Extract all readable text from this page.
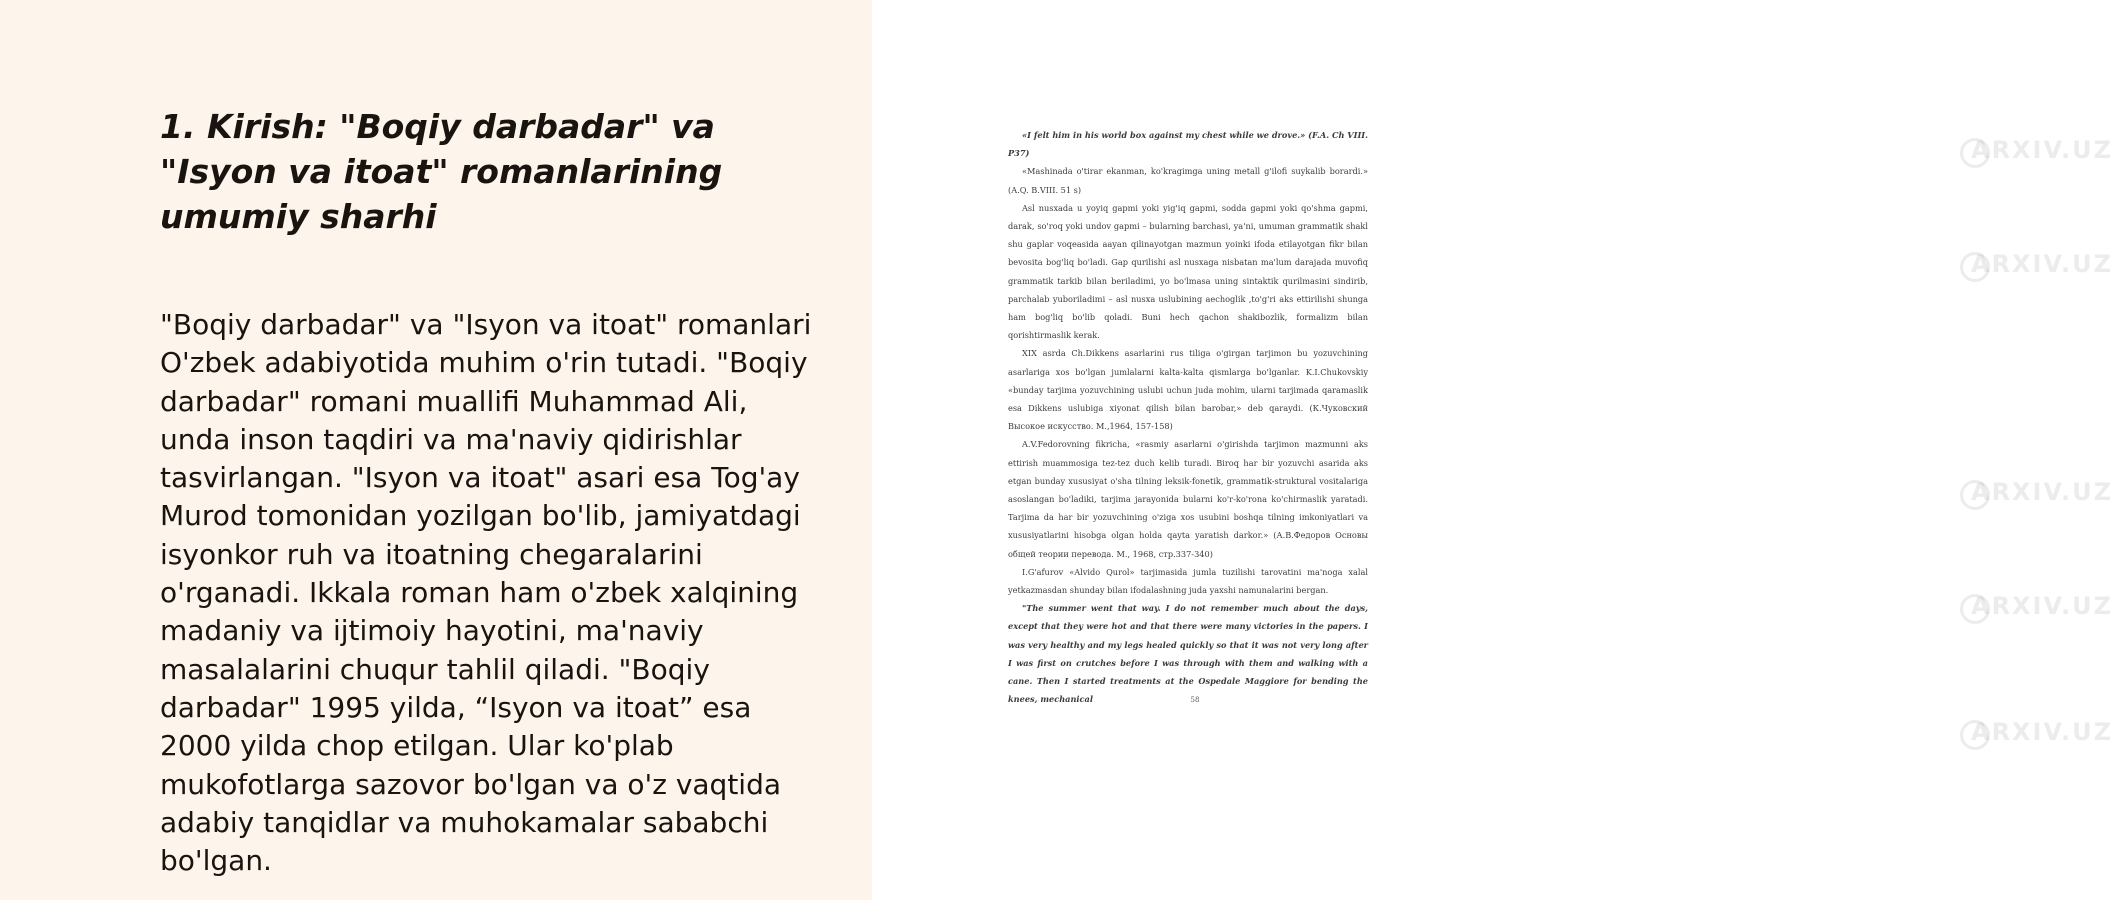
1. Kirish: "Boqiy darbadar" va "Isyon va itoat" romanlarining umumiy sharhi

"Boqiy darbadar" va "Isyon va itoat" romanlari O'zbek adabiyotida muhim o'rin tutadi. "Boqiy darbadar" romani muallifi Muhammad Ali, unda inson taqdiri va ma'naviy qidirishlar tasvirlangan. "Isyon va itoat" asari esa Tog'ay Murod tomonidan yozilgan bo'lib, jamiyatdagi isyonkor ruh va itoatning chegaralarini o'rganadi. Ikkala roman ham o'zbek xalqining madaniy va ijtimoiy hayotini, ma'naviy masalalarini chuqur tahlil qiladi. "Boqiy darbadar" 1995 yilda, “Isyon va itoat” esa 2000 yilda chop etilgan. Ular ko'plab mukofotlarga sazovor bo'lgan va o'z vaqtida adabiy tanqidlar va muhokamalar sababchi bo'lgan.

«I felt him in his world box against my chest while we drove.» (F.A. Ch VIII. P37)

«Mashinada o'tirar ekanman, ko'kragimga uning metall g'ilofi suykalib borardi.» (A.Q. B.VIII. 51 s)

Asl nusxada u yoyiq gapmi yoki yig'iq gapmi, sodda gapmi yoki qo'shma gapmi, darak, so'roq yoki undov gapmi – bularning barchasi, ya'ni, umuman grammatik shakl shu gaplar voqeasida aayan qilinayotgan mazmun yoinki ifoda etilayotgan fikr bilan bevosita bog'liq bo'ladi. Gap qurilishi asl nusxaga nisbatan ma'lum darajada muvofiq grammatik tarkib bilan beriladimi, yo bo'lmasa uning sintaktik qurilmasini sindirib, parchalab yuboriladimi – asl nusxa uslubining aechoglik ,to'g'ri aks ettirilishi shunga ham bog'liq bo'lib qoladi. Buni hech qachon shakibozlik, formalizm bilan qorishtirmaslik kerak.

XIX asrda Ch.Dikkens asarlarini rus tiliga o'girgan tarjimon bu yozuvchining asarlariga xos bo'lgan jumlalarni kalta-kalta qismlarga bo'lganlar. K.I.Chukovskiy «bunday tarjima yozuvchining uslubi uchun juda mohim, ularni tarjimada qaramaslik esa Dikkens uslubiga xiyonat qilish bilan barobar,» deb qaraydi. (К.Чуковский Высокое искусство. M.,1964, 157-158)

A.V.Fedorovning fikricha, «rasmiy asarlarni o'girishda tarjimon mazmunni aks ettirish muammosiga tez-tez duch kelib turadi. Biroq har bir yozuvchi asarida aks etgan bunday xususiyat o'sha tilning leksik-fonetik, grammatik-struktural vositalariga asoslangan bo'ladiki, tarjima jarayonida bularni ko'r-ko'rona ko'chirmaslik yaratadi. Tarjima da har bir yozuvchining o'ziga xos usubini boshqa tilning imkoniyatlari va xususiyatlarini hisobga olgan holda qayta yaratish darkor.» (А.В.Федоров Основы общей теории перевода. M., 1968, стр.337-340)

I.G'afurov «Alvido Qurol» tarjimasida jumla tuzilishi tarovatini ma'noga xalal yetkazmasdan shunday bilan ifodalashning juda yaxshi namunalarini bergan.

"The summer went that way. I do not remember much about the days, except that they were hot and that there were many victories in the papers. I was very healthy and my legs healed quickly so that it was not very long after I was first on crutches before I was through with them and walking with a cane. Then I started treatments at the Ospedale Maggiore for bending the knees, mechanical	58
ARXIV.UZ
ARXIV.UZ
ARXIV.UZ
ARXIV.UZ
ARXIV.UZ
